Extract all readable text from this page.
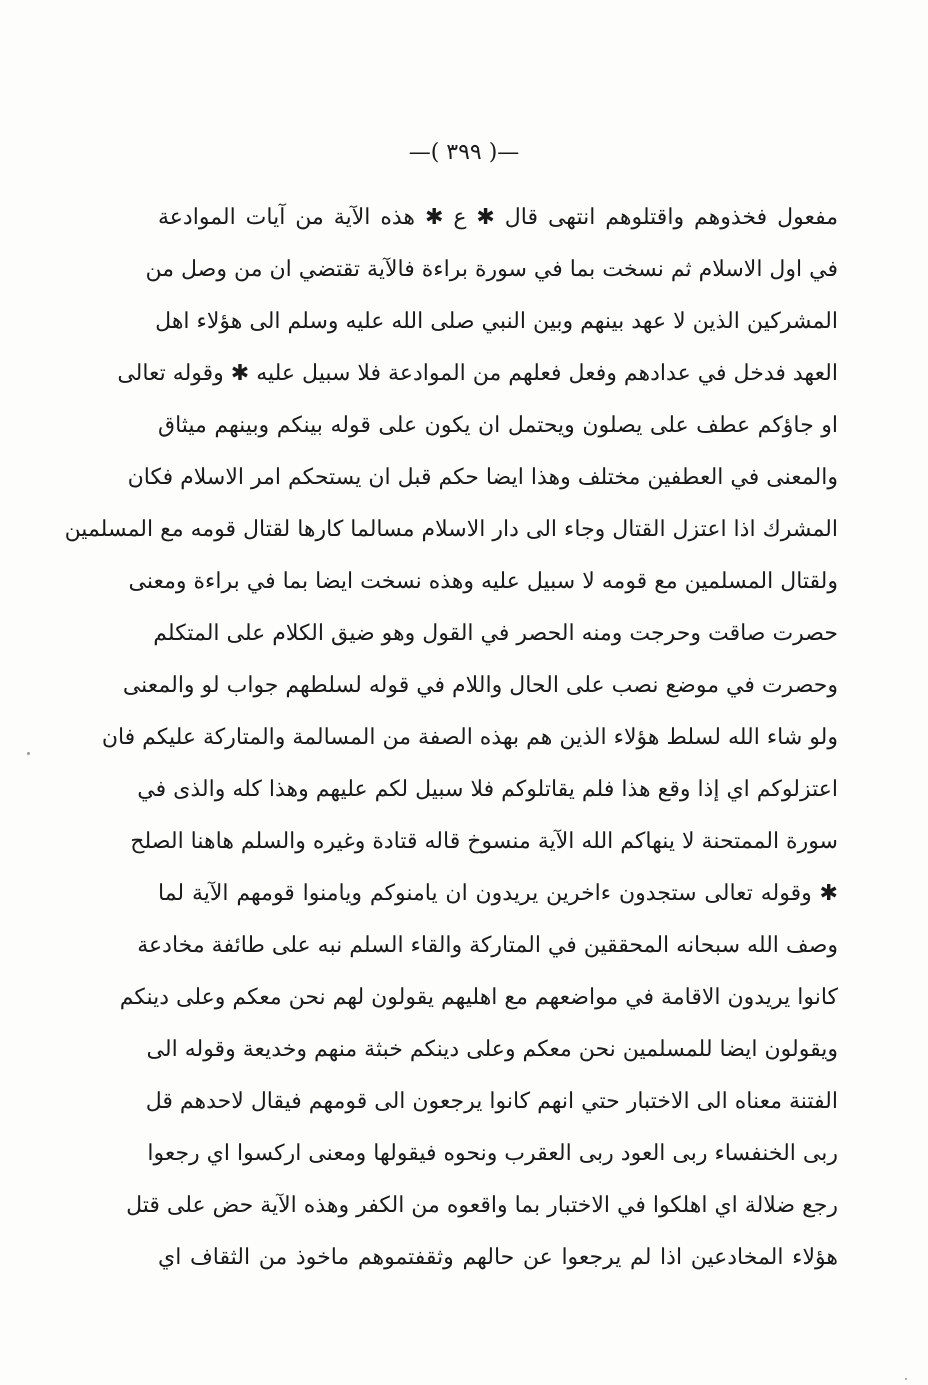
—( ٣٩٩ )—
مفعول فخذوهم واقتلوهم انتهى قال ✱ ع ✱ هذه الآية من آيات الموادعة
في اول الاسلام ثم نسخت بما في سورة براءة فالآية تقتضي ان من وصل من
المشركين الذين لا عهد بينهم وبين النبي صلى الله عليه وسلم الى هؤلاء اهل
العهد فدخل في عدادهم وفعل فعلهم من الموادعة فلا سبيل عليه ✱ وقوله تعالى
او جاؤكم عطف على يصلون ويحتمل ان يكون على قوله بينكم وبينهم ميثاق
والمعنى في العطفين مختلف وهذا ايضا حكم قبل ان يستحكم امر الاسلام فكان
المشرك اذا اعتزل القتال وجاء الى دار الاسلام مسالما كارها لقتال قومه مع المسلمين
ولقتال المسلمين مع قومه لا سبيل عليه وهذه نسخت ايضا بما في براءة ومعنى
حصرت صاقت وحرجت ومنه الحصر في القول وهو ضيق الكلام على المتكلم
وحصرت في موضع نصب على الحال واللام في قوله لسلطهم جواب لو والمعنى
ولو شاء الله لسلط هؤلاء الذين هم بهذه الصفة من المسالمة والمتاركة عليكم فان
اعتزلوكم اي إذا وقع هذا فلم يقاتلوكم فلا سبيل لكم عليهم وهذا كله والذى في
سورة الممتحنة لا ينهاكم الله الآية منسوخ قاله قتادة وغيره والسلم هاهنا الصلح
✱ وقوله تعالى ستجدون ءاخرين يريدون ان يامنوكم ويامنوا قومهم الآية لما
وصف الله سبحانه المحققين في المتاركة والقاء السلم نبه على طائفة مخادعة
كانوا يريدون الاقامة في مواضعهم مع اهليهم يقولون لهم نحن معكم وعلى دينكم
ويقولون ايضا للمسلمين نحن معكم وعلى دينكم خبثة منهم وخديعة وقوله الى
الفتنة معناه الى الاختبار حتي انهم كانوا يرجعون الى قومهم فيقال لاحدهم قل
ربى الخنفساء ربى العود ربى العقرب ونحوه فيقولها ومعنى اركسوا اي رجعوا
رجع ضلالة اي اهلكوا في الاختبار بما واقعوه من الكفر وهذه الآية حض على قتل
هؤلاء المخادعين اذا لم يرجعوا عن حالهم وثقفتموهم ماخوذ من الثقاف اي
